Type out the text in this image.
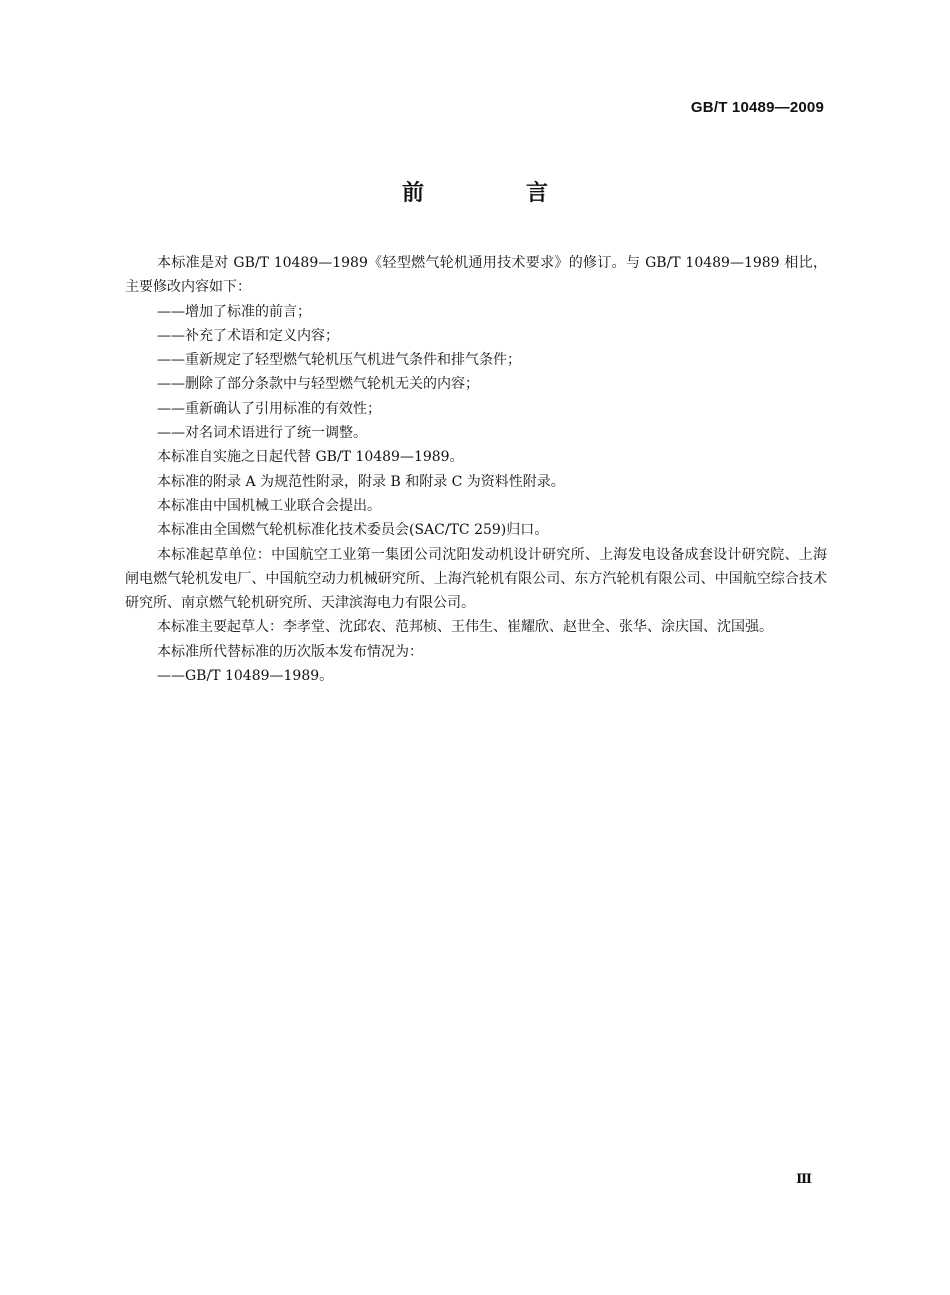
GB/T 10489—2009
前　言

本标准是对 GB/T 10489—1989《轻型燃气轮机通用技术要求》的修订。与 GB/T 10489—1989 相比，主要修改内容如下：

——增加了标准的前言；

——补充了术语和定义内容；

——重新规定了轻型燃气轮机压气机进气条件和排气条件；

——删除了部分条款中与轻型燃气轮机无关的内容；

——重新确认了引用标准的有效性；

——对名词术语进行了统一调整。

本标准自实施之日起代替 GB/T 10489—1989。

本标准的附录 A 为规范性附录，附录 B 和附录 C 为资料性附录。

本标准由中国机械工业联合会提出。

本标准由全国燃气轮机标准化技术委员会(SAC/TC 259)归口。

本标准起草单位：中国航空工业第一集团公司沈阳发动机设计研究所、上海发电设备成套设计研究院、上海闸电燃气轮机发电厂、中国航空动力机械研究所、上海汽轮机有限公司、东方汽轮机有限公司、中国航空综合技术研究所、南京燃气轮机研究所、天津滨海电力有限公司。

本标准主要起草人：李孝堂、沈邱农、范邦桢、王伟生、崔耀欣、赵世全、张华、涂庆国、沈国强。

本标准所代替标准的历次版本发布情况为：

——GB/T 10489—1989。

Ⅲ
